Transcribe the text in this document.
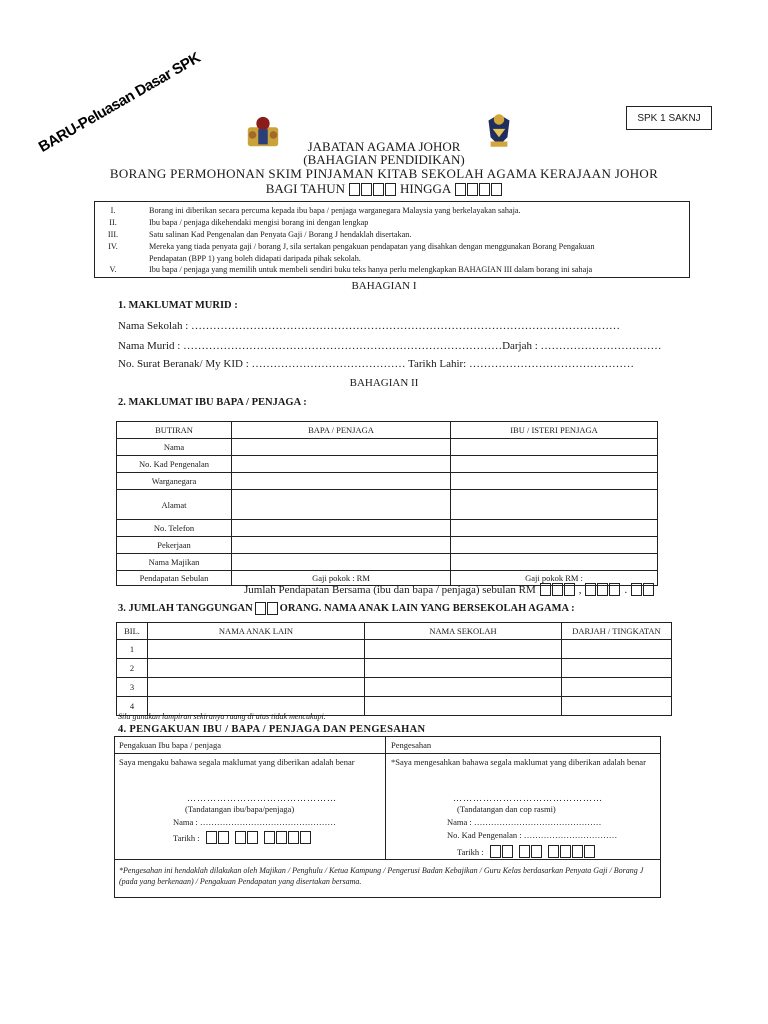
BARU-Peluasan Dasar SPK	SPK 1 SAKNJ
JABATAN AGAMA JOHOR
(BAHAGIAN PENDIDIKAN)
BORANG PERMOHONAN SKIM PINJAMAN KITAB SEKOLAH AGAMA KERAJAAN JOHOR
BAGI TAHUN	HINGGA
I.	Borang ini diberikan secara percuma kepada ibu bapa / penjaga warganegara Malaysia yang berkelayakan sahaja.
II.	Ibu bapa / penjaga dikehendaki mengisi borang ini dengan lengkap
III.	Satu salinan Kad Pengenalan dan Penyata Gaji / Borang J hendaklah disertakan.
IV.	Mereka yang tiada penyata gaji / borang J, sila sertakan pengakuan pendapatan yang disahkan dengan menggunakan Borang Pengakuan
Pendapatan (BPP 1) yang boleh didapati daripada pihak sekolah.
V.	Ibu bapa / penjaga yang memilih untuk membeli sendiri buku teks hanya perlu melengkapkan BAHAGIAN III dalam borang ini sahaja
BAHAGIAN I
1. MAKLUMAT MURID :
Nama Sekolah : ………………………………………………………………………………………………………
Nama Murid : ……………………………………………………………………………Darjah : ……………………………
No. Surat Beranak/ My KID : …………………………………… Tarikh Lahir: ………………………………………
BAHAGIAN II
2. MAKLUMAT IBU BAPA / PENJAGA :
BUTIRAN	BAPA / PENJAGA	IBU / ISTERI PENJAGA
Nama		
No. Kad Pengenalan		
Warganegara		
Alamat		
No. Telefon		
Pekerjaan		
Nama Majikan		
Pendapatan Sebulan	Gaji pokok : RM	Gaji pokok RM :
Jumlah Pendapatan Bersama (ibu dan bapa / penjaga) sebulan RM	,	.
3. JUMLAH TANGGUNGAN	ORANG. NAMA ANAK LAIN YANG BERSEKOLAH AGAMA :
BIL.	NAMA ANAK LAIN	NAMA SEKOLAH	DARJAH / TINGKATAN
1			
2			
3			
4			
Sila gunakan lampiran sekiranya ruang di atas tidak mencukupi.
4. PENGAKUAN IBU / BAPA / PENJAGA DAN PENGESAHAN
Pengakuan Ibu bapa / penjaga	Pengesahan
Saya mengaku bahawa segala maklumat yang diberikan adalah benar	*Saya mengesahkan bahawa segala maklumat yang diberikan adalah benar
………………………………………
(Tandatangan ibu/bapa/penjaga)
Nama : …………………………………………
Tarikh :
………………………………………
(Tandatangan dan cop rasmi)
Nama : ………………………………………
No. Kad Pengenalan : ……………………………
Tarikh :
*Pengesahan ini hendaklah dilakukan oleh Majikan / Penghulu / Ketua Kampung / Pengerusi Badan Kebajikan / Guru Kelas berdasarkan Penyata Gaji / Borang J (pada yang berkenaan) / Pengakuan Pendapatan yang disertakan bersama.
